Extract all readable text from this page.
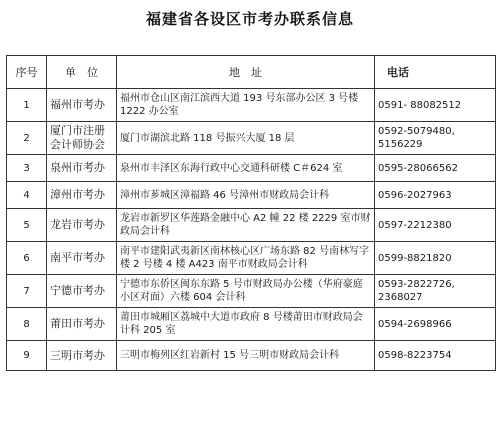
福建省各设区市考办联系信息
序号	单　位	地　址	电话
1	福州市考办	福州市仓山区南江滨西大道 193 号东部办公区 3 号楼 1222 办公室	0591- 88082512
2	厦门市注册会计师协会	厦门市湖滨北路 118 号振兴大厦 18 层	0592-5079480, 5156229
3	泉州市考办	泉州市丰泽区东海行政中心交通科研楼 C＃624 室	0595-28066562
4	漳州市考办	漳州市芗城区漳福路 46 号漳州市财政局会计科	0596-2027963
5	龙岩市考办	龙岩市新罗区华莲路金融中心 A2 幢 22 楼 2229 室市财政局会计科	0597-2212380
6	南平市考办	南平市建阳武夷新区南林核心区广场东路 82 号南林写字楼 2 号楼 4 楼 A423 南平市财政局会计科	0599-8821820
7	宁德市考办	宁德市东侨区闽东东路 5 号市财政局办公楼（华府豪庭小区对面）六楼 604 会计科	0593-2822726, 2368027
8	莆田市考办	莆田市城厢区荔城中大道市政府 8 号楼莆田市财政局会计科 205 室	0594-2698966
9	三明市考办	三明市梅列区红岩新村 15 号三明市财政局会计科	0598-8223754
